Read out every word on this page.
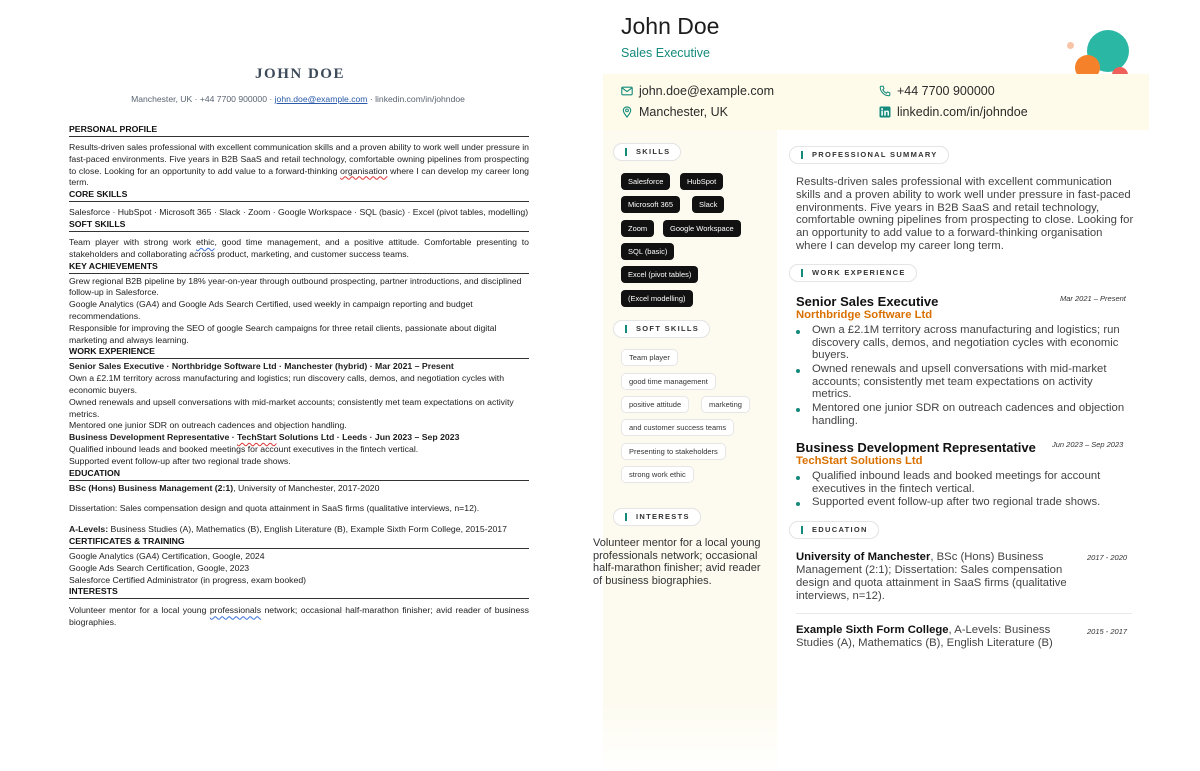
JOHN DOE
Manchester, UK · +44 7700 900000 · john.doe@example.com · linkedin.com/in/johndoe
PERSONAL PROFILE
Results-driven sales professional with excellent communication skills and a proven ability to work well under pressure in fast-paced environments. Five years in B2B SaaS and retail technology, comfortable owning pipelines from prospecting to close. Looking for an opportunity to add value to a forward-thinking organisation where I can develop my career long term.
CORE SKILLS
Salesforce · HubSpot · Microsoft 365 · Slack · Zoom · Google Workspace · SQL (basic) · Excel (pivot tables, modelling)
SOFT SKILLS
Team player with strong work ethic, good time management, and a positive attitude. Comfortable presenting to stakeholders and collaborating across product, marketing, and customer success teams.
KEY ACHIEVEMENTS
Grew regional B2B pipeline by 18% year-on-year through outbound prospecting, partner introductions, and disciplined follow-up in Salesforce.
Google Analytics (GA4) and Google Ads Search Certified, used weekly in campaign reporting and budget recommendations.
Responsible for improving the SEO of google Search campaigns for three retail clients, passionate about digital marketing and always learning.
WORK EXPERIENCE
Senior Sales Executive · Northbridge Software Ltd · Manchester (hybrid) · Mar 2021 – Present
Own a £2.1M territory across manufacturing and logistics; run discovery calls, demos, and negotiation cycles with economic buyers.
Owned renewals and upsell conversations with mid-market accounts; consistently met team expectations on activity metrics.
Mentored one junior SDR on outreach cadences and objection handling.
Business Development Representative · TechStart Solutions Ltd · Leeds · Jun 2023 – Sep 2023
Qualified inbound leads and booked meetings for account executives in the fintech vertical.
Supported event follow-up after two regional trade shows.
EDUCATION
BSc (Hons) Business Management (2:1), University of Manchester, 2017-2020
Dissertation: Sales compensation design and quota attainment in SaaS firms (qualitative interviews, n=12).
A-Levels: Business Studies (A), Mathematics (B), English Literature (B), Example Sixth Form College, 2015-2017
CERTIFICATES & TRAINING
Google Analytics (GA4) Certification, Google, 2024
Google Ads Search Certification, Google, 2023
Salesforce Certified Administrator (in progress, exam booked)
INTERESTS
Volunteer mentor for a local young professionals network; occasional half-marathon finisher; avid reader of business biographies.
John Doe
Sales Executive
john.doe@example.com	+44 7700 900000
Manchester, UK	linkedin.com/in/johndoe
SKILLS
Salesforce	HubSpot
Microsoft 365	Slack
Zoom	Google Workspace
SQL (basic)
Excel (pivot tables)
(Excel modelling)
SOFT SKILLS
Team player
good time management
positive attitude	marketing
and customer success teams
Presenting to stakeholders
strong work ethic
INTERESTS
Volunteer mentor for a local young professionals network; occasional half-marathon finisher; avid reader of business biographies.
PROFESSIONAL SUMMARY
Results-driven sales professional with excellent communication skills and a proven ability to work well under pressure in fast-paced environments. Five years in B2B SaaS and retail technology, comfortable owning pipelines from prospecting to close. Looking for an opportunity to add value to a forward-thinking organisation where I can develop my career long term.
WORK EXPERIENCE
Senior Sales Executive	Mar 2021 – Present
Northbridge Software Ltd
Own a £2.1M territory across manufacturing and logistics; run discovery calls, demos, and negotiation cycles with economic buyers.
Owned renewals and upsell conversations with mid-market accounts; consistently met team expectations on activity metrics.
Mentored one junior SDR on outreach cadences and objection handling.
Business Development Representative Jun 2023 – Sep 2023
TechStart Solutions Ltd
Qualified inbound leads and booked meetings for account executives in the fintech vertical.
Supported event follow-up after two regional trade shows.
EDUCATION
University of Manchester, BSc (Hons) Business Management (2:1); Dissertation: Sales compensation design and quota attainment in SaaS firms (qualitative interviews, n=12).
2017 - 2020
Example Sixth Form College, A-Levels: Business Studies (A), Mathematics (B), English Literature (B)
2015 - 2017
